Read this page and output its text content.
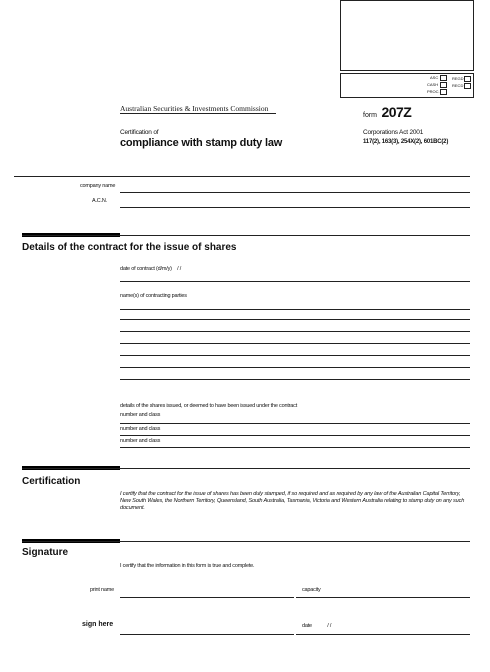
ASC
CASH
PROC.
REGD
RECD
Australian Securities & Investments Commission
form 207Z
Certification of
compliance with stamp duty law
Corporations Act 2001
117(2), 163(3), 254X(2), 601BC(2)
company name
A.C.N.
Details of the contract for the issue of shares
date of contract (d/m/y) / /
name(s) of contracting parties
details of the shares issued, or deemed to have been issued under the contract
number and class
number and class
number and class
Certification
I certify that the contract for the issue of shares has been duly stamped, if so required and as required by any law of the Australian Capital Territory, New South Wales, the Northern Territory, Queensland, South Australia, Tasmania, Victoria and Western Australia relating to stamp duty on any such document.
Signature
I certify that the information in this form is true and complete.
print name	capacity
sign here	date	/ /
